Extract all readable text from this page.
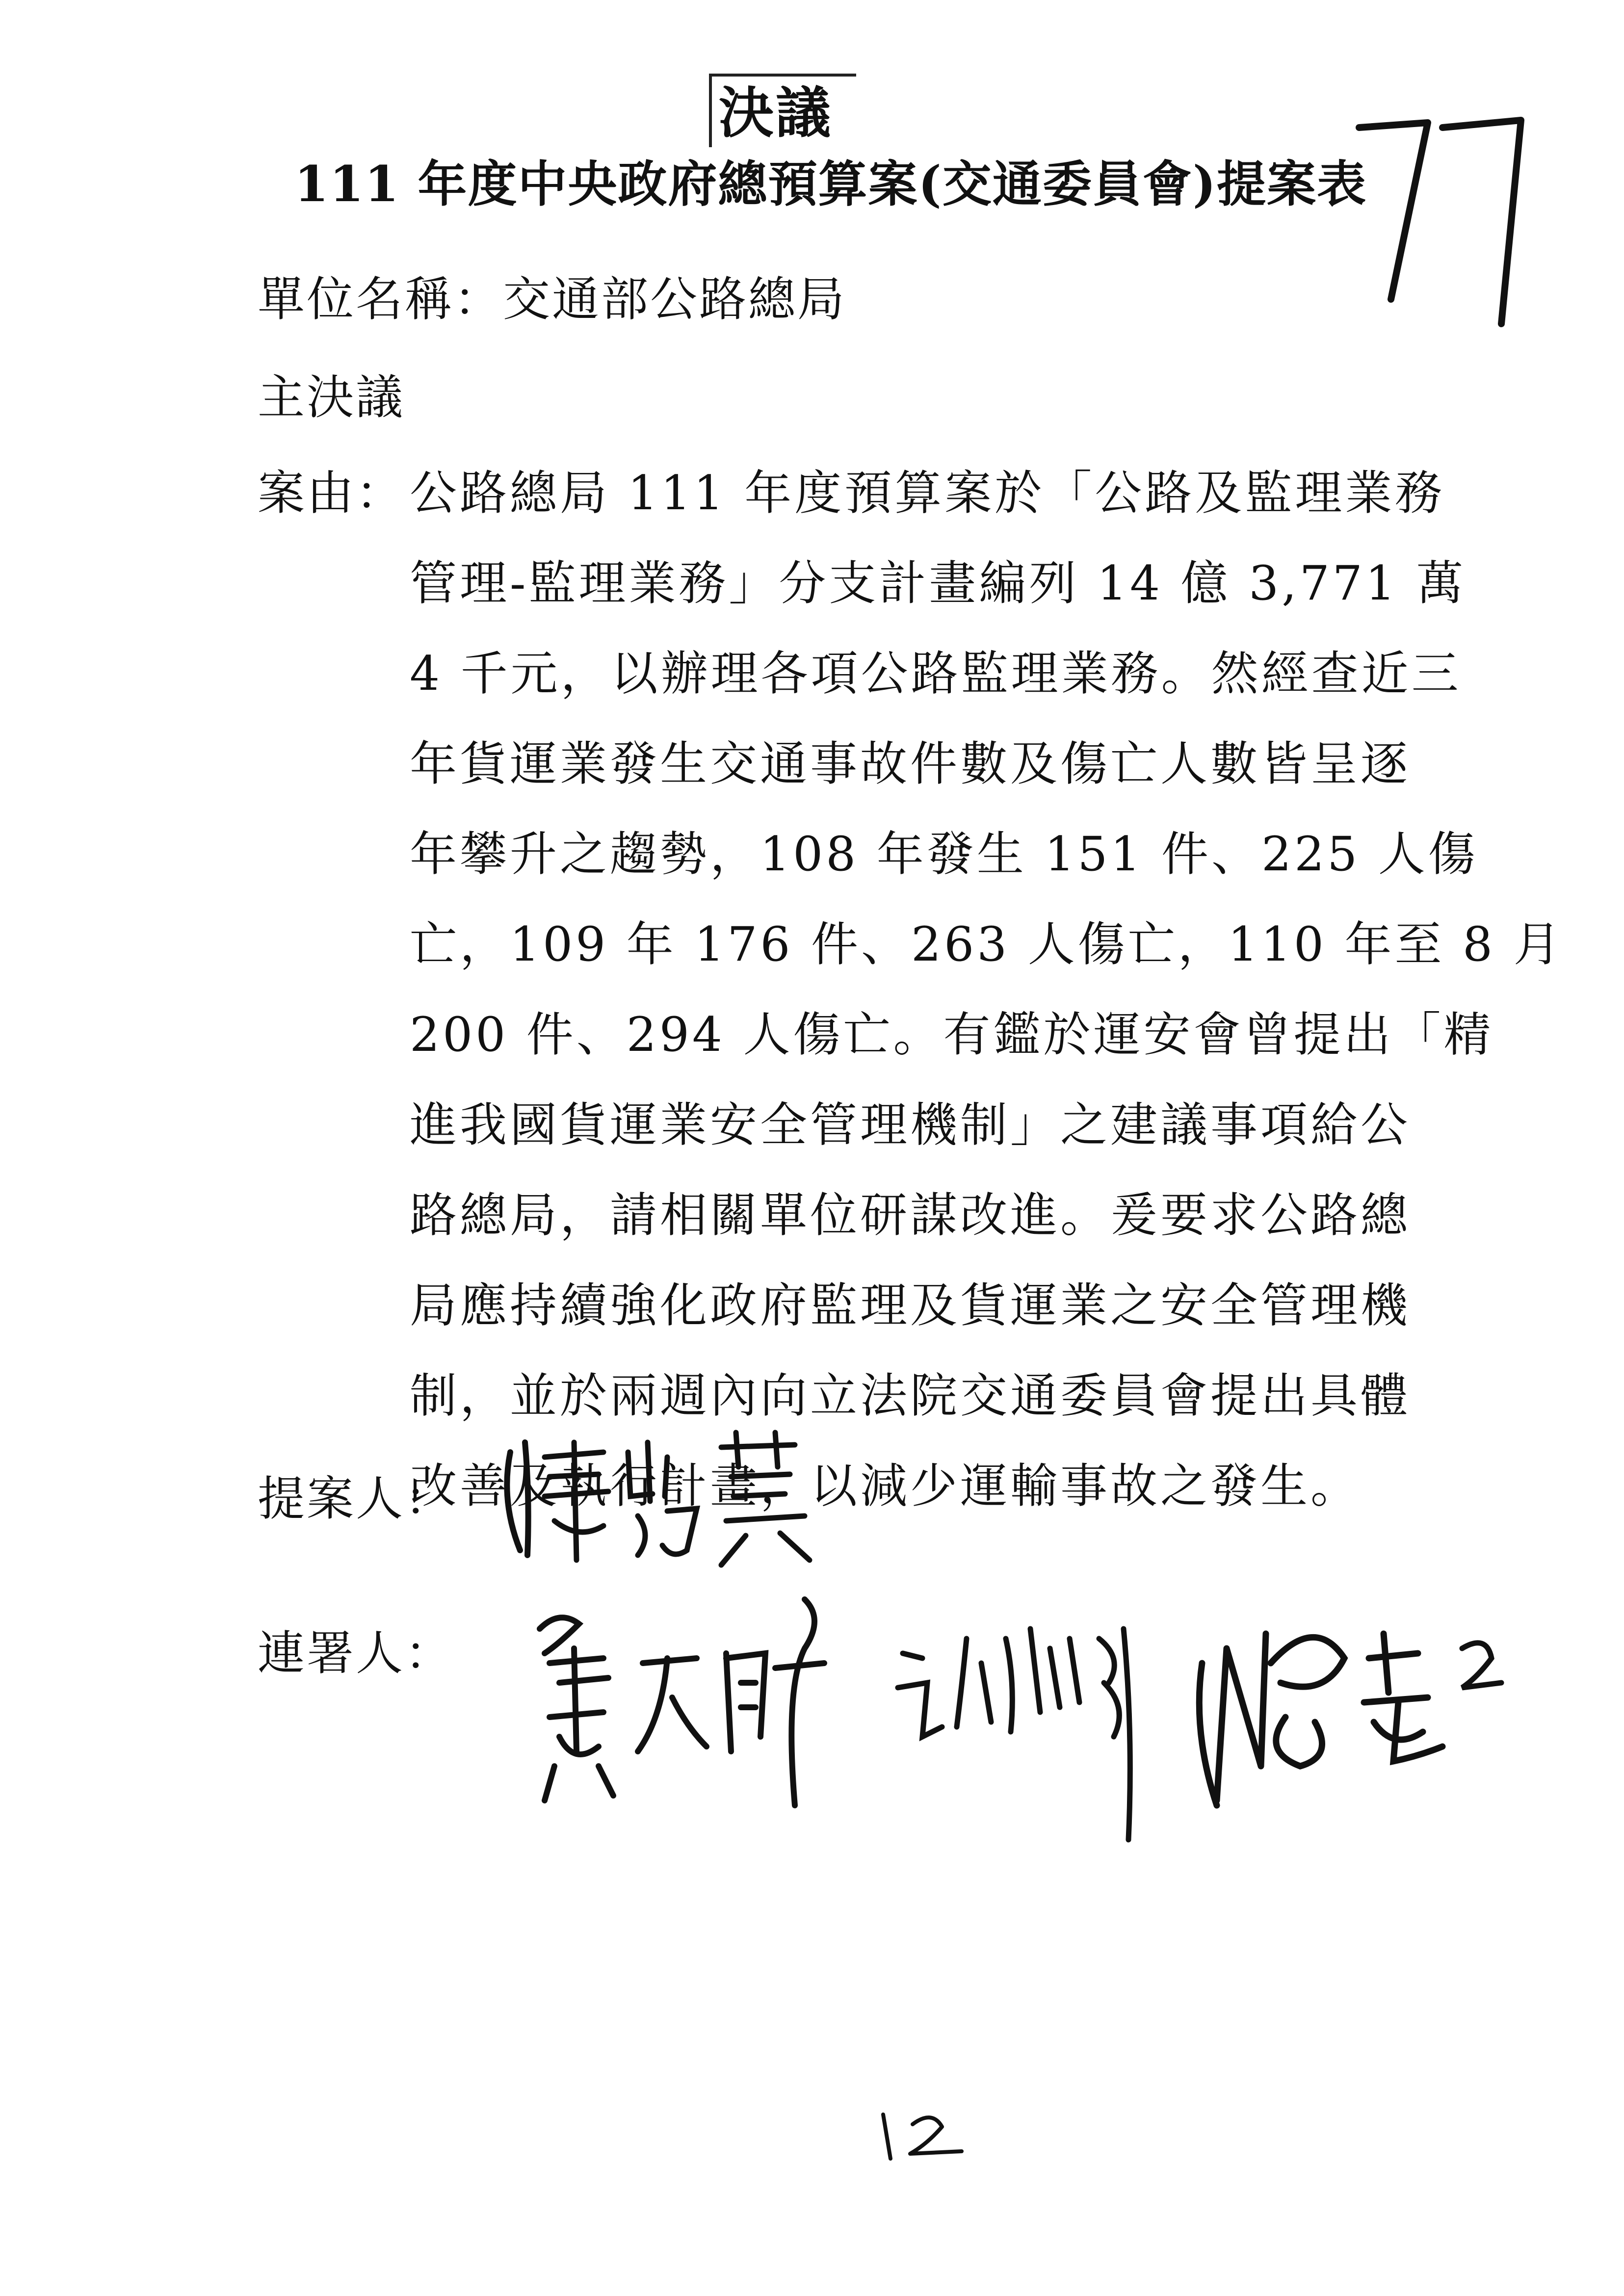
決議
111 年度中央政府總預算案(交通委員會)提案表
單位名稱：交通部公路總局
主決議
案由： 公路總局 111 年度預算案於「公路及監理業務
管理-監理業務」分支計畫編列 14 億 3,771 萬
4 千元，以辦理各項公路監理業務。然經查近三
年貨運業發生交通事故件數及傷亡人數皆呈逐
年攀升之趨勢，108 年發生 151 件、225 人傷
亡，109 年 176 件、263 人傷亡，110 年至 8 月
200 件、294 人傷亡。有鑑於運安會曾提出「精
進我國貨運業安全管理機制」之建議事項給公
路總局，請相關單位研謀改進。爰要求公路總
局應持續強化政府監理及貨運業之安全管理機
制，並於兩週內向立法院交通委員會提出具體
改善及執行計畫，以減少運輸事故之發生。
提案人：
連署人：
